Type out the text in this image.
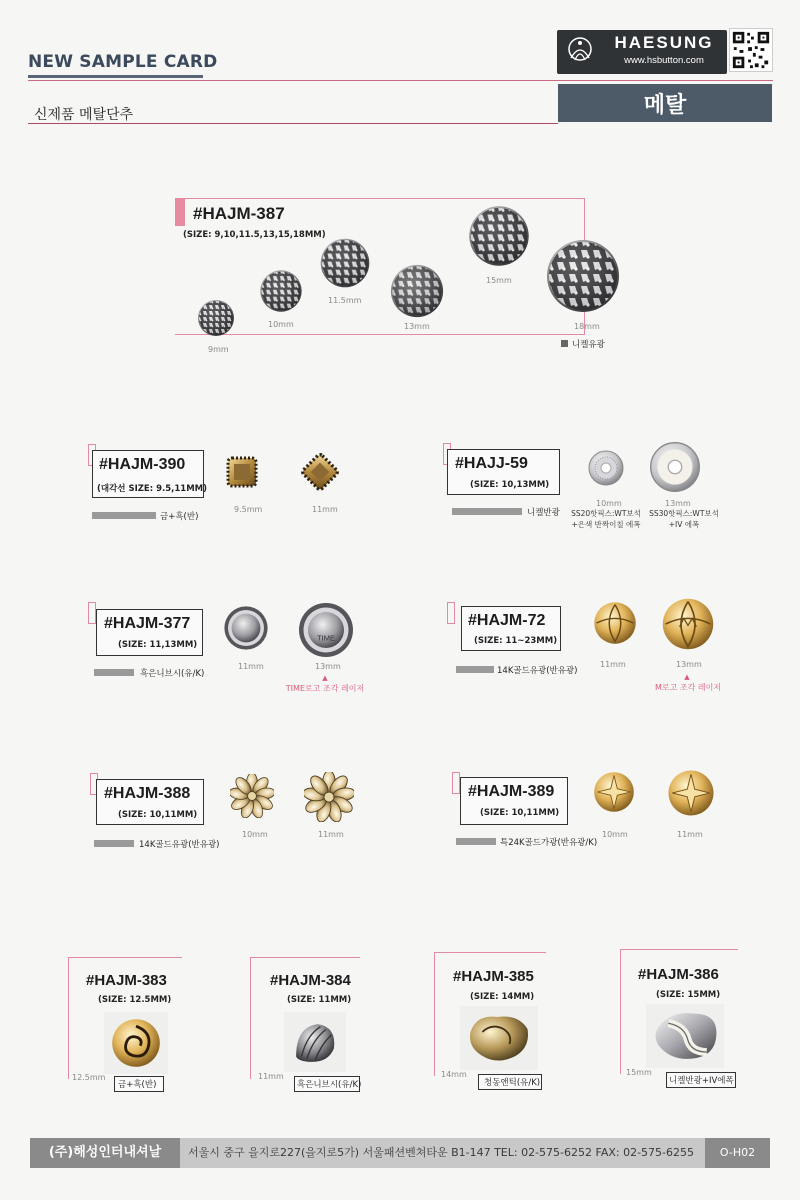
NEW SAMPLE CARD
HAESUNG
www.hsbutton.com
신제품 메탈단추	메탈
#HAJM-387
(SIZE: 9,10,11.5,13,15,18MM)
9mm
10mm
11.5mm
13mm
15mm
18mm
니켈유광
#HAJM-390
(대각선 SIZE: 9.5,11MM)
금+흑(반)
9.5mm	11mm
#HAJJ-59
(SIZE: 10,13MM)
니켈반광
10mm	13mm
SS20핫픽스:WT보석
+은색 반짝이칠 에폭
SS30핫픽스:WT보석
+IV 에폭
#HAJM-377
(SIZE: 11,13MM)
흑은니브시(유/K)
TIME
11mm	13mm
▲
TIME로고 조각 레이저
#HAJM-72
(SIZE: 11~23MM)
14K골드유광(반유광)
11mm	13mm
▲
M로고 조각 레이저
#HAJM-388
(SIZE: 10,11MM)
14K골드유광(반유광)
10mm	11mm
#HAJM-389
(SIZE: 10,11MM)
특24K골드가광(반유광/K)
10mm	11mm
#HAJM-383
(SIZE: 12.5MM)
12.5mm
금+흑(반)
#HAJM-384
(SIZE: 11MM)
11mm
흑은니브시(유/K)
#HAJM-385
(SIZE: 14MM)
14mm
청동앤틱(유/K)
#HAJM-386
(SIZE: 15MM)
15mm
니켈반광+IV에폭
(주)해성인터내셔날	서울시 중구 을지로227(을지로5가) 서울패션벤쳐타운 B1-147 TEL: 02-575-6252 FAX: 02-575-6255	O-H02
